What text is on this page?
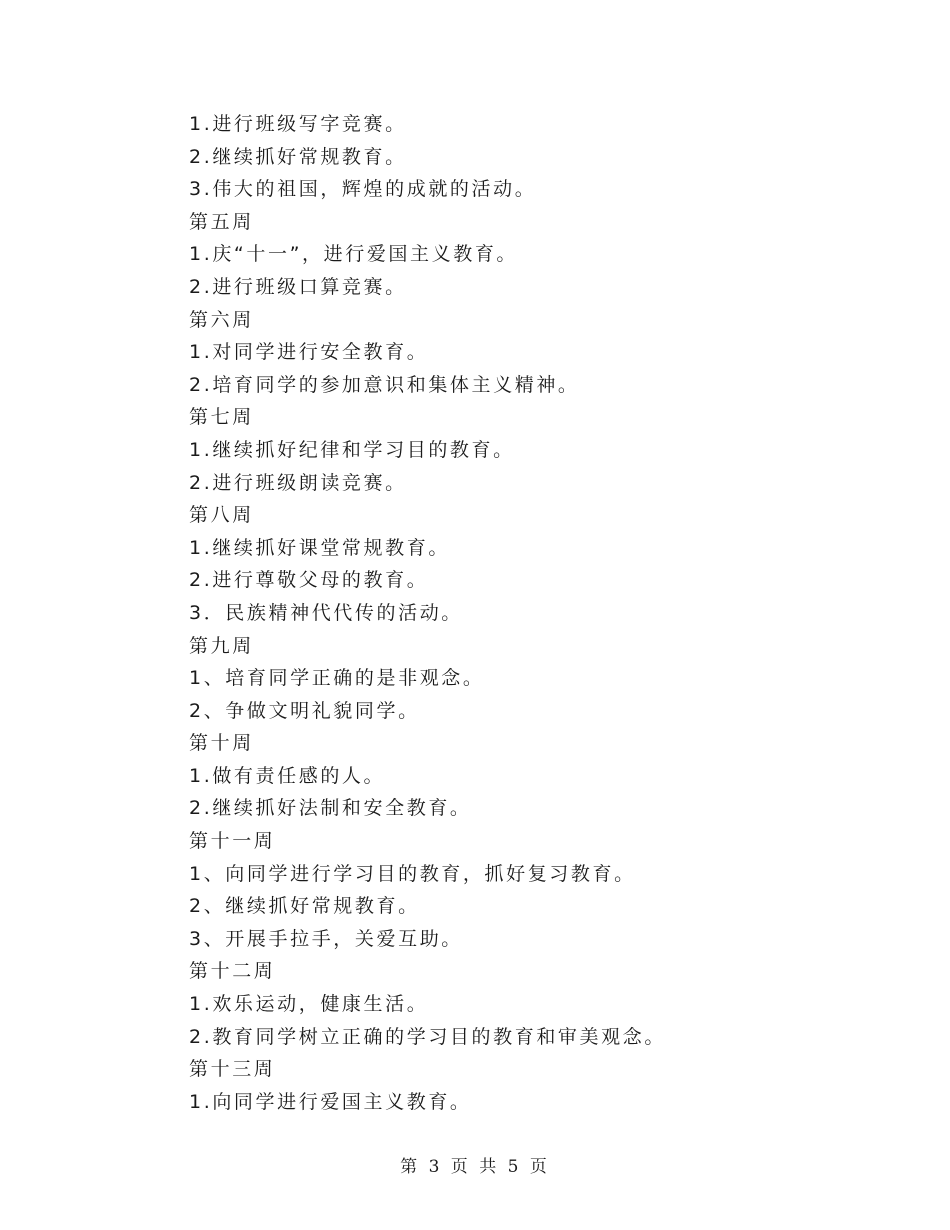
1.进行班级写字竞赛。
2.继续抓好常规教育。
3.伟大的祖国，辉煌的成就的活动。
第五周
1.庆“十一”，进行爱国主义教育。
2.进行班级口算竞赛。
第六周
1.对同学进行安全教育。
2.培育同学的参加意识和集体主义精神。
第七周
1.继续抓好纪律和学习目的教育。
2.进行班级朗读竞赛。
第八周
1.继续抓好课堂常规教育。
2.进行尊敬父母的教育。
3．民族精神代代传的活动。
第九周
1、培育同学正确的是非观念。
2、争做文明礼貌同学。
第十周
1.做有责任感的人。
2.继续抓好法制和安全教育。
第十一周
1、向同学进行学习目的教育，抓好复习教育。
2、继续抓好常规教育。
3、开展手拉手，关爱互助。
第十二周
1.欢乐运动，健康生活。
2.教育同学树立正确的学习目的教育和审美观念。
第十三周
1.向同学进行爱国主义教育。
第 3 页 共 5 页
